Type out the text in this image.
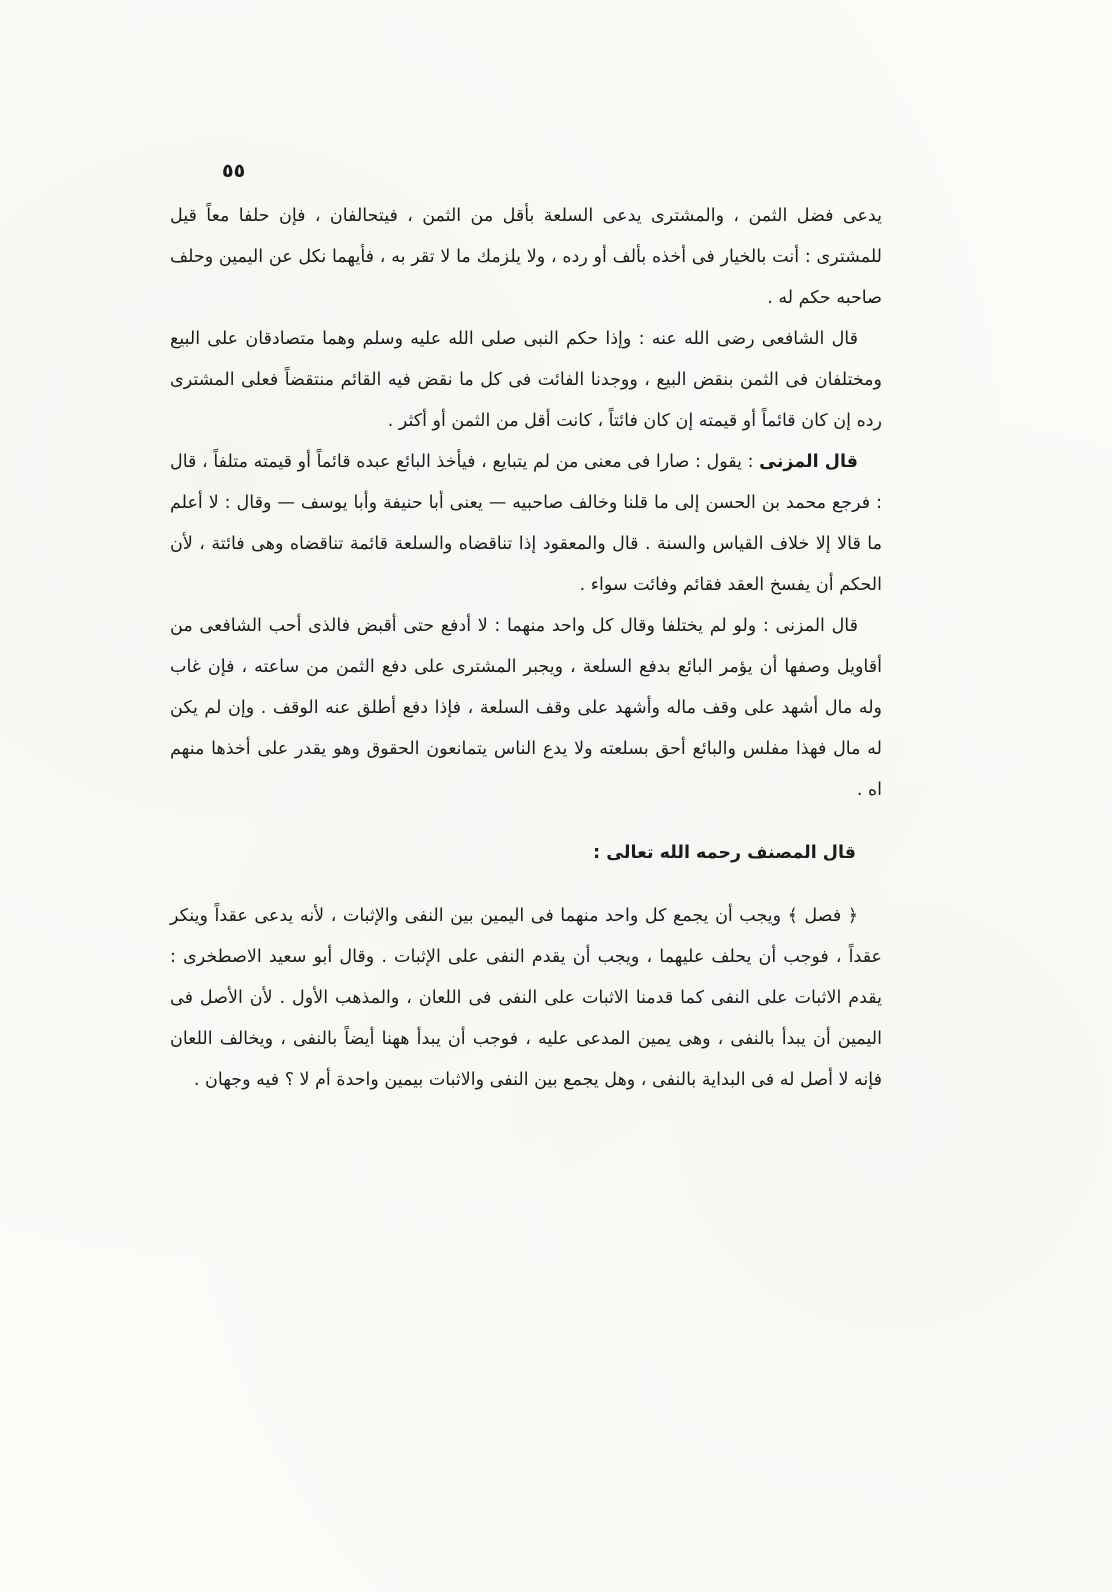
٥٥

يدعى فضل الثمن ، والمشترى يدعى السلعة بأقل من الثمن ، فيتحالفان ، فإن حلفا معاً قيل للمشترى : أنت بالخيار فى أخذه بألف أو رده ، ولا يلزمك ما لا تقر به ، فأيهما نكل عن اليمين وحلف صاحبه حكم له .

قال الشافعى رضى الله عنه : وإذا حكم النبى صلى الله عليه وسلم وهما متصادقان على البيع ومختلفان فى الثمن بنقض البيع ، ووجدنا الفائت فى كل ما نقض فيه القائم منتقضاً فعلى المشترى رده إن كان قائماً أو قيمته إن كان فائتاً ، كانت أقل من الثمن أو أكثر .

قال المزنى : يقول : صارا فى معنى من لم يتبايع ، فيأخذ البائع عبده قائماً أو قيمته متلفاً ، قال : فرجع محمد بن الحسن إلى ما قلنا وخالف صاحبيه — يعنى أبا حنيفة وأبا يوسف — وقال : لا أعلم ما قالا إلا خلاف القياس والسنة . قال والمعقود إذا تناقضاه والسلعة قائمة تناقضاه وهى فائتة ، لأن الحكم أن يفسخ العقد فقائم وفائت سواء .

قال المزنى : ولو لم يختلفا وقال كل واحد منهما : لا أدفع حتى أقبض فالذى أحب الشافعى من أقاويل وصفها أن يؤمر البائع بدفع السلعة ، ويجبر المشترى على دفع الثمن من ساعته ، فإن غاب وله مال أشهد على وقف ماله وأشهد على وقف السلعة ، فإذا دفع أطلق عنه الوقف . وإن لم يكن له مال فهذا مفلس والبائع أحق بسلعته ولا يدع الناس يتمانعون الحقوق وهو يقدر على أخذها منهم اه .

قال المصنف رحمه الله تعالى :

﴿ فصل ﴾ ويجب أن يجمع كل واحد منهما فى اليمين بين النفى والإثبات ، لأنه يدعى عقداً وينكر عقداً ، فوجب أن يحلف عليهما ، ويجب أن يقدم النفى على الإثبات . وقال أبو سعيد الاصطخرى : يقدم الاثبات على النفى كما قدمنا الاثبات على النفى فى اللعان ، والمذهب الأول . لأن الأصل فى اليمين أن يبدأ بالنفى ، وهى يمين المدعى عليه ، فوجب أن يبدأ ههنا أيضاً بالنفى ، ويخالف اللعان فإنه لا أصل له فى البداية بالنفى ، وهل يجمع بين النفى والاثبات بيمين واحدة أم لا ؟ فيه وجهان .
